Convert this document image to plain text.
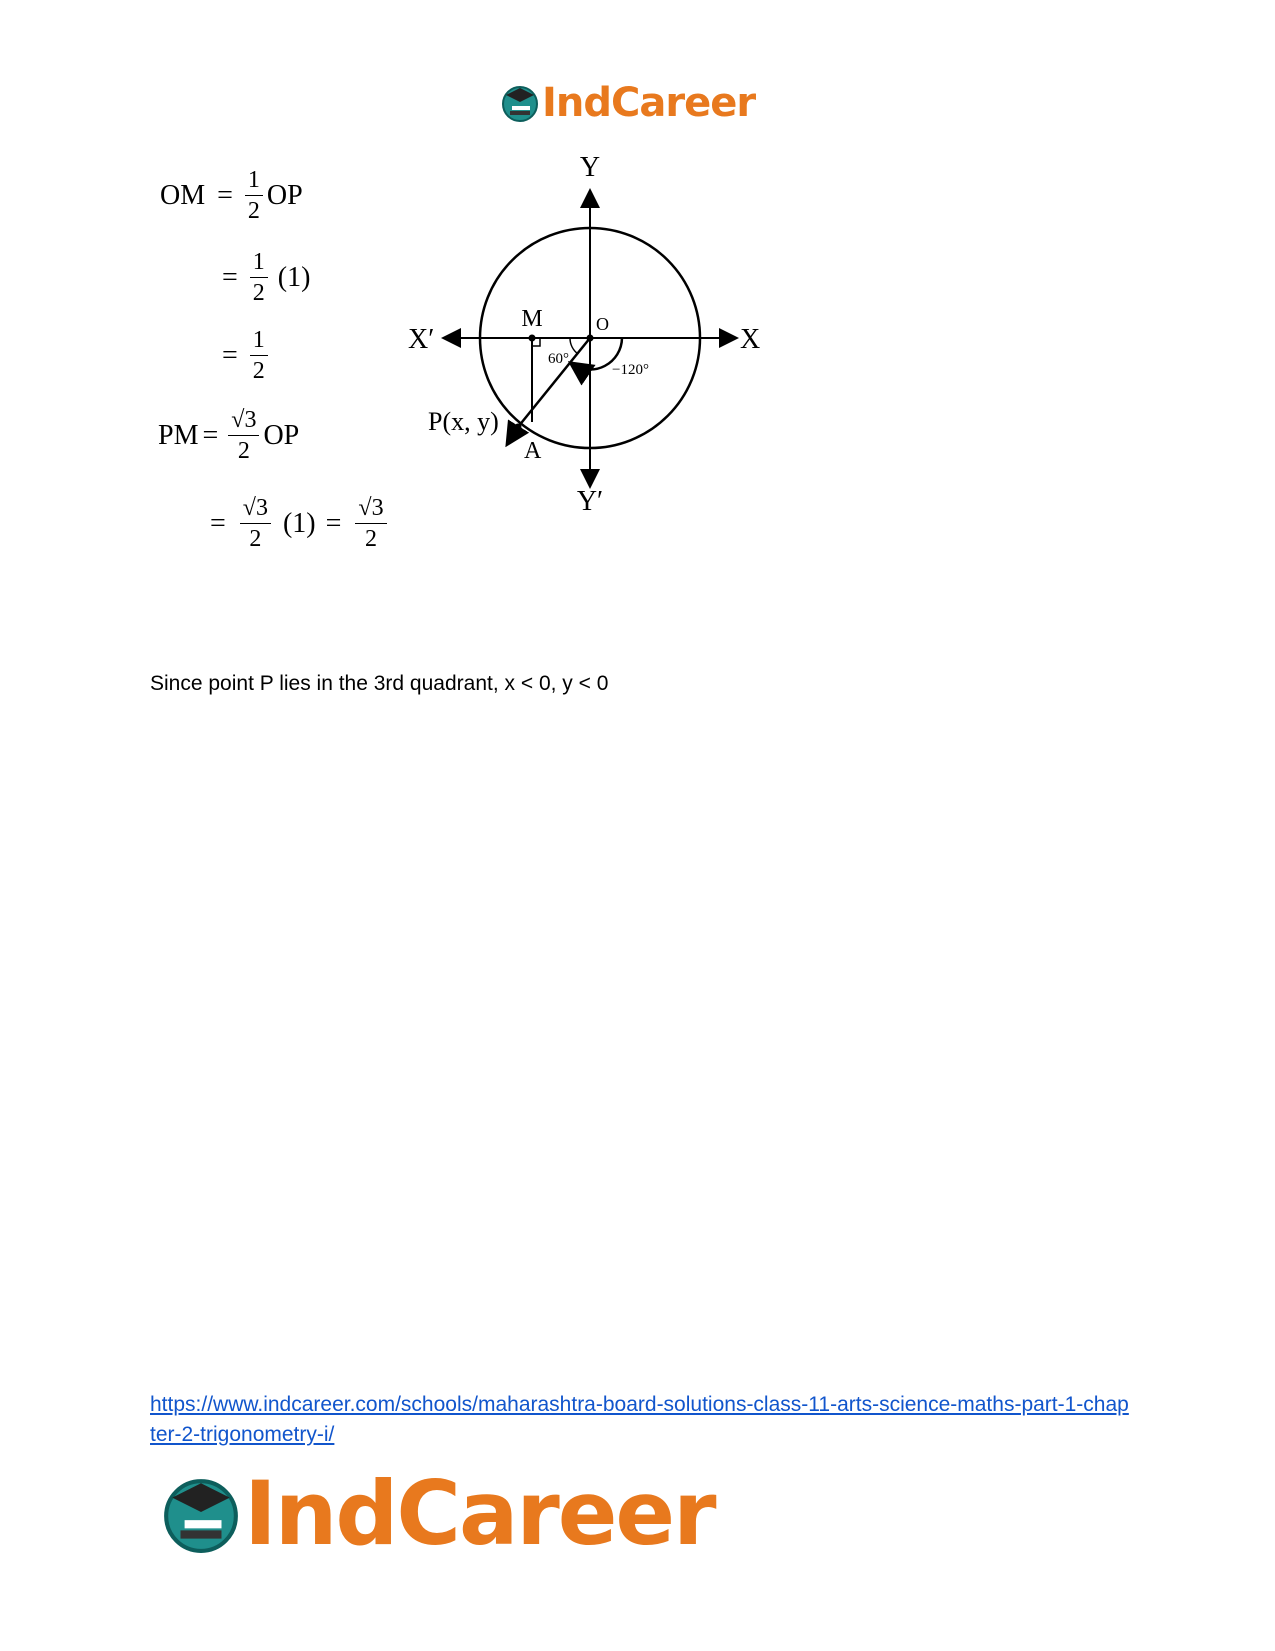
IndCareer
OM = $\frac{1}{2}$ OP
= $\frac{1}{2} (1)$
= $\frac{1}{2}$
PM = $\frac{√3}{2}$ OP
= $\frac{√3}{2} (1) = \frac{√3}{2}$
Y
Y′
X
X′
M	O
60°
−120°
P(x, y)
A
Since point P lies in the 3rd quadrant, x < 0, y < 0
https://www.indcareer.com/schools/maharashtra-board-solutions-class-11-arts-science-maths-part-1-chapter-2-trigonometry-i/
IndCareer
